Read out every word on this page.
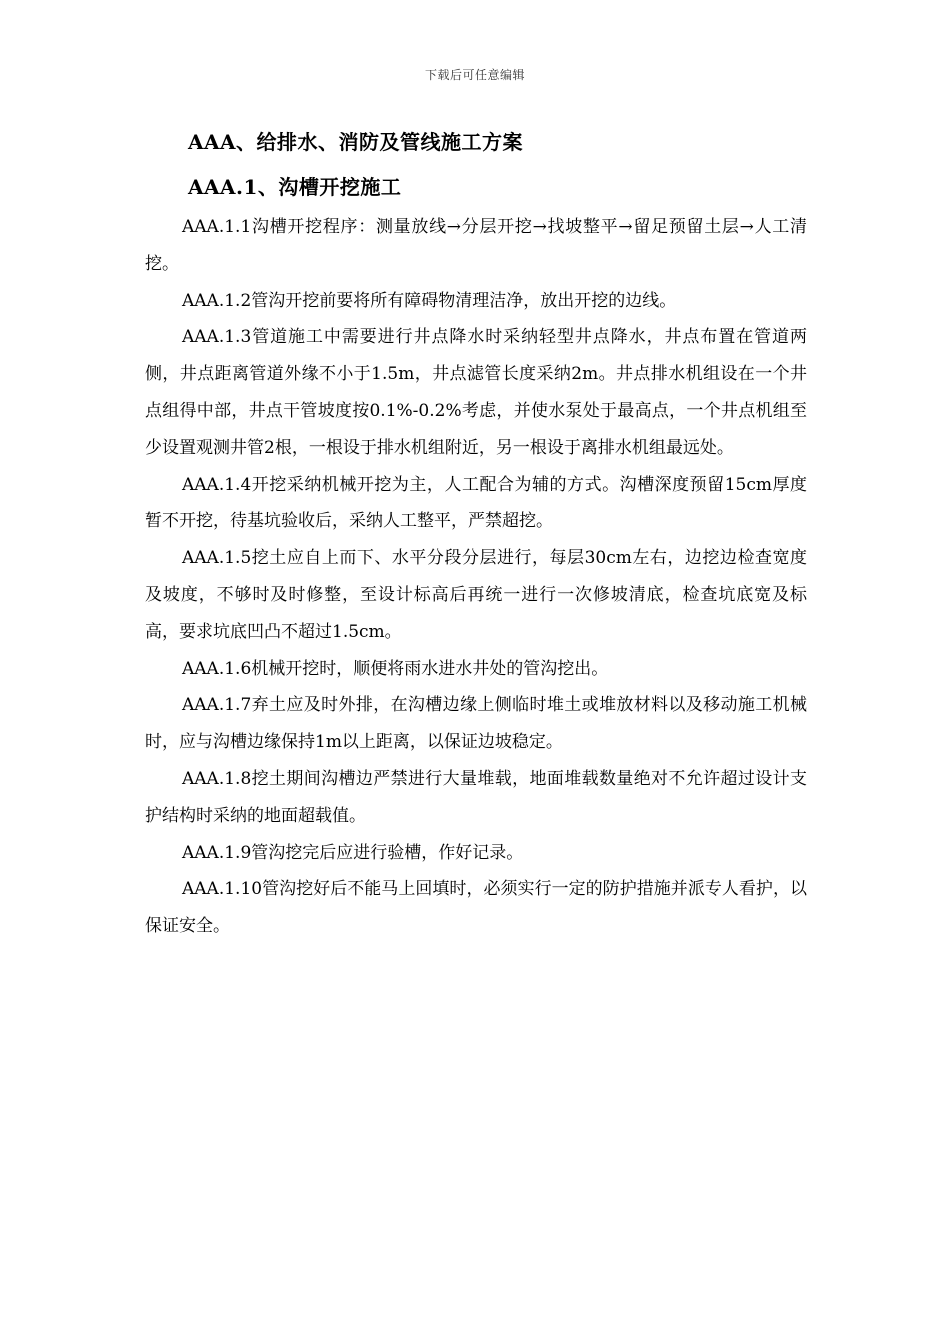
下载后可任意编辑
AAA、给排水、消防及管线施工方案
AAA.1、沟槽开挖施工

AAA.1.1沟槽开挖程序：测量放线→分层开挖→找坡整平→留足预留土层→人工清挖。

AAA.1.2管沟开挖前要将所有障碍物清理洁净，放出开挖的边线。

AAA.1.3管道施工中需要进行井点降水时采纳轻型井点降水，井点布置在管道两侧，井点距离管道外缘不小于1.5m，井点滤管长度采纳2m。井点排水机组设在一个井点组得中部，井点干管坡度按0.1%-0.2%考虑，并使水泵处于最高点，一个井点机组至少设置观测井管2根，一根设于排水机组附近，另一根设于离排水机组最远处。

AAA.1.4开挖采纳机械开挖为主，人工配合为辅的方式。沟槽深度预留15cm厚度暂不开挖，待基坑验收后，采纳人工整平，严禁超挖。

AAA.1.5挖土应自上而下、水平分段分层进行，每层30cm左右，边挖边检查宽度及坡度，不够时及时修整，至设计标高后再统一进行一次修坡清底，检查坑底宽及标高，要求坑底凹凸不超过1.5cm。

AAA.1.6机械开挖时，顺便将雨水进水井处的管沟挖出。

AAA.1.7弃土应及时外排，在沟槽边缘上侧临时堆土或堆放材料以及移动施工机械时，应与沟槽边缘保持1m以上距离，以保证边坡稳定。

AAA.1.8挖土期间沟槽边严禁进行大量堆载，地面堆载数量绝对不允许超过设计支护结构时采纳的地面超载值。

AAA.1.9管沟挖完后应进行验槽，作好记录。

AAA.1.10管沟挖好后不能马上回填时，必须实行一定的防护措施并派专人看护，以保证安全。
